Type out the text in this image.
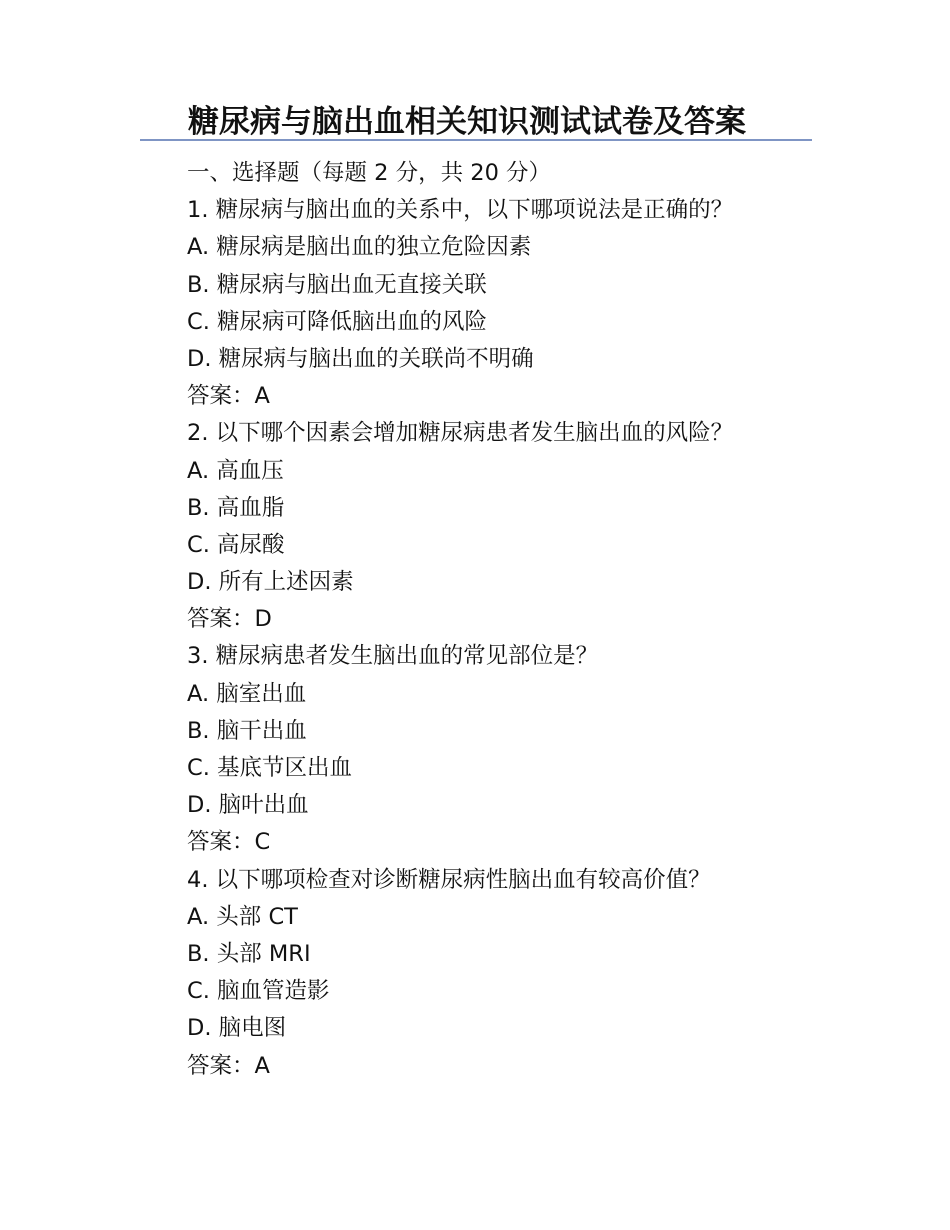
糖尿病与脑出血相关知识测试试卷及答案
一、选择题（每题 2 分，共 20 分）
1. 糖尿病与脑出血的关系中，以下哪项说法是正确的？
A. 糖尿病是脑出血的独立危险因素
B. 糖尿病与脑出血无直接关联
C. 糖尿病可降低脑出血的风险
D. 糖尿病与脑出血的关联尚不明确
答案：A
2. 以下哪个因素会增加糖尿病患者发生脑出血的风险？
A. 高血压
B. 高血脂
C. 高尿酸
D. 所有上述因素
答案：D
3. 糖尿病患者发生脑出血的常见部位是？
A. 脑室出血
B. 脑干出血
C. 基底节区出血
D. 脑叶出血
答案：C
4. 以下哪项检查对诊断糖尿病性脑出血有较高价值？
A. 头部 CT
B. 头部 MRI
C. 脑血管造影
D. 脑电图
答案：A
